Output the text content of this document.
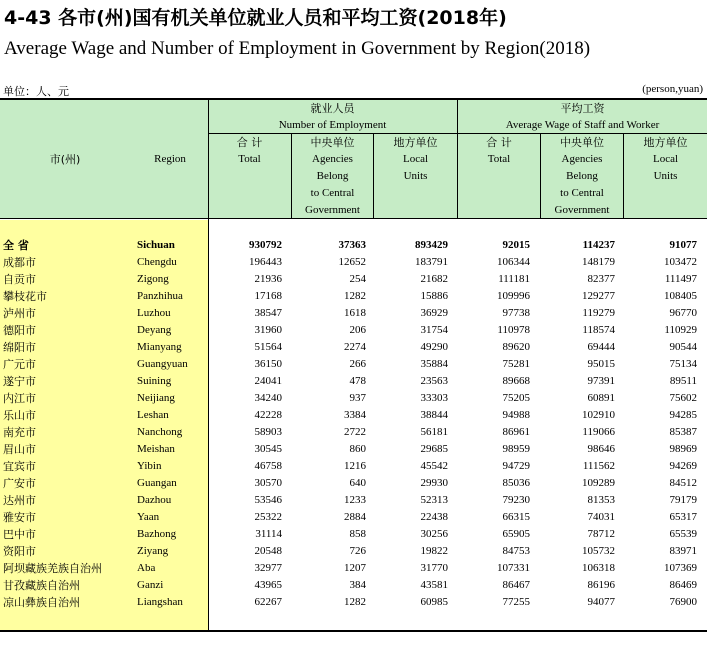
4-43 各市(州)国有机关单位就业人员和平均工资(2018年)
Average Wage and Number of Employment in Government by Region(2018)
单位：人、元	(person,yuan)
市(州)	Region
就业人员
Number of Employment
平均工资
Average Wage of Staff and Worker
合 计
Total
中央单位
Agencies
Belong
to Central
Government
地方单位
Local
Units
合 计
Total
中央单位
Agencies
Belong
to Central
Government
地方单位
Local
Units
全 省	Sichuan	930792	37363	893429	92015	114237	91077
成都市	Chengdu	196443	12652	183791	106344	148179	103472
自贡市	Zigong	21936	254	21682	111181	82377	111497
攀枝花市	Panzhihua	17168	1282	15886	109996	129277	108405
泸州市	Luzhou	38547	1618	36929	97738	119279	96770
德阳市	Deyang	31960	206	31754	110978	118574	110929
绵阳市	Mianyang	51564	2274	49290	89620	69444	90544
广元市	Guangyuan	36150	266	35884	75281	95015	75134
遂宁市	Suining	24041	478	23563	89668	97391	89511
内江市	Neijiang	34240	937	33303	75205	60891	75602
乐山市	Leshan	42228	3384	38844	94988	102910	94285
南充市	Nanchong	58903	2722	56181	86961	119066	85387
眉山市	Meishan	30545	860	29685	98959	98646	98969
宜宾市	Yibin	46758	1216	45542	94729	111562	94269
广安市	Guangan	30570	640	29930	85036	109289	84512
达州市	Dazhou	53546	1233	52313	79230	81353	79179
雅安市	Yaan	25322	2884	22438	66315	74031	65317
巴中市	Bazhong	31114	858	30256	65905	78712	65539
资阳市	Ziyang	20548	726	19822	84753	105732	83971
阿坝藏族羌族自治州	Aba	32977	1207	31770	107331	106318	107369
甘孜藏族自治州	Ganzi	43965	384	43581	86467	86196	86469
凉山彝族自治州	Liangshan	62267	1282	60985	77255	94077	76900
